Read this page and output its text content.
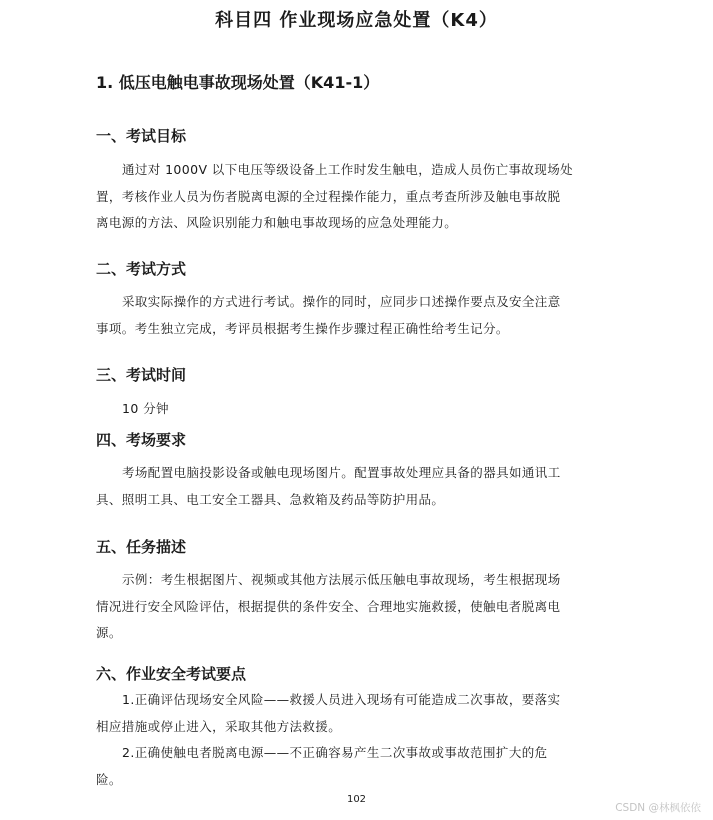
科目四 作业现场应急处置（K4）
1. 低压电触电事故现场处置（K41-1）
一、考试目标
通过对 1000V 以下电压等级设备上工作时发生触电，造成人员伤亡事故现场处
置，考核作业人员为伤者脱离电源的全过程操作能力，重点考查所涉及触电事故脱
离电源的方法、风险识别能力和触电事故现场的应急处理能力。
二、考试方式
采取实际操作的方式进行考试。操作的同时，应同步口述操作要点及安全注意
事项。考生独立完成，考评员根据考生操作步骤过程正确性给考生记分。
三、考试时间
10 分钟
四、考场要求
考场配置电脑投影设备或触电现场图片。配置事故处理应具备的器具如通讯工
具、照明工具、电工安全工器具、急救箱及药品等防护用品。
五、任务描述
示例：考生根据图片、视频或其他方法展示低压触电事故现场，考生根据现场
情况进行安全风险评估，根据提供的条件安全、合理地实施救援，使触电者脱离电
源。
六、作业安全考试要点
1.正确评估现场安全风险——救援人员进入现场有可能造成二次事故，要落实
相应措施或停止进入，采取其他方法救援。
2.正确使触电者脱离电源——不正确容易产生二次事故或事故范围扩大的危
险。
102
CSDN @林枫依依
